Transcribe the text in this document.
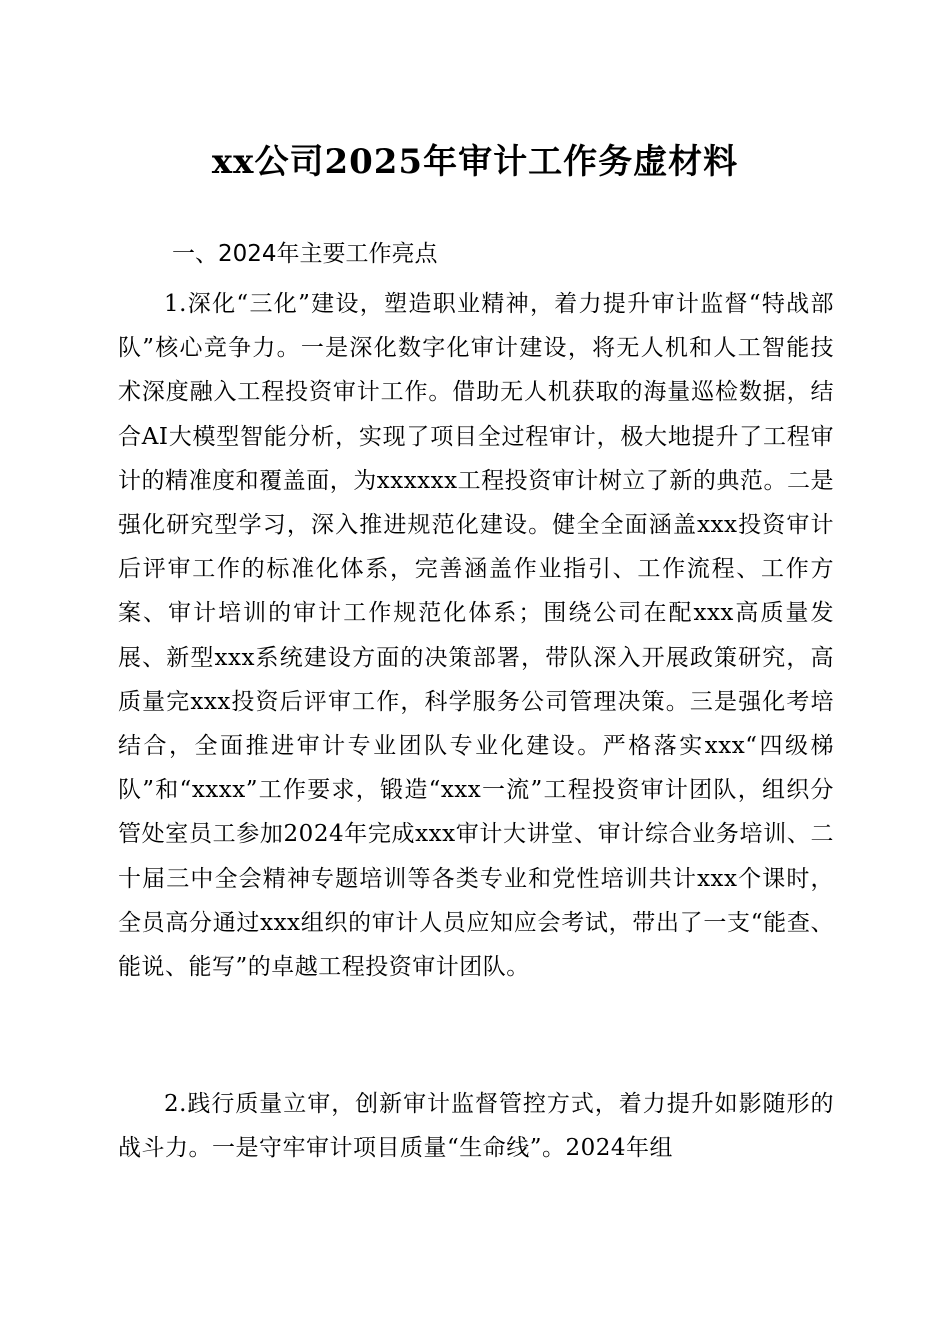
xx公司2025年审计工作务虚材料
一、2024年主要工作亮点

1.深化“三化”建设，塑造职业精神，着力提升审计监督“特战部队”核心竞争力。一是深化数字化审计建设，将无人机和人工智能技术深度融入工程投资审计工作。借助无人机获取的海量巡检数据，结合AI大模型智能分析，实现了项目全过程审计，极大地提升了工程审计的精准度和覆盖面，为xxxxxx工程投资审计树立了新的典范。二是强化研究型学习，深入推进规范化建设。健全全面涵盖xxx投资审计后评审工作的标准化体系，完善涵盖作业指引、工作流程、工作方案、审计培训的审计工作规范化体系；围绕公司在配xxx高质量发展、新型xxx系统建设方面的决策部署，带队深入开展政策研究，高质量完xxx投资后评审工作，科学服务公司管理决策。三是强化考培结合，全面推进审计专业团队专业化建设。严格落实xxx“四级梯队”和“xxxx”工作要求，锻造“xxx一流”工程投资审计团队，组织分管处室员工参加2024年完成xxx审计大讲堂、审计综合业务培训、二十届三中全会精神专题培训等各类专业和党性培训共计xxx个课时，全员高分通过xxx组织的审计人员应知应会考试，带出了一支“能查、能说、能写”的卓越工程投资审计团队。

2.践行质量立审，创新审计监督管控方式，着力提升如影随形的战斗力。一是守牢审计项目质量“生命线”。2024年组
